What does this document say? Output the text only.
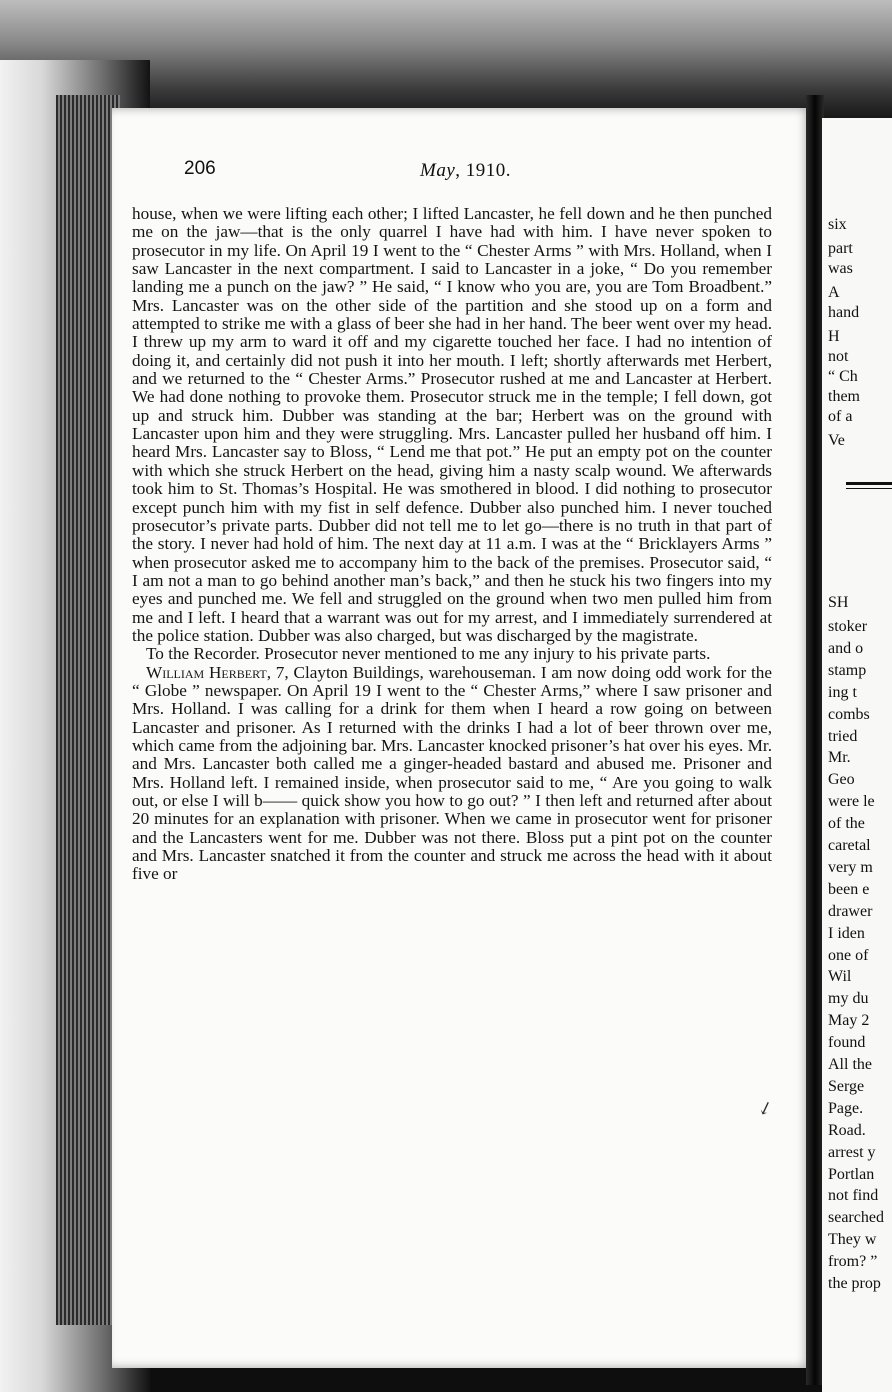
six
part
was
A
hand
H
not
“ Ch
them
of a
Ve
SH
stoker
and o
stamp
ing t
combs
tried
Mr.
Geo
were le
of the
caretal
very m
been e
drawer
I iden
one of
Wil
my du
May 2
found
All the
Serge
Page.
Road.
arrest y
Portlan
not find
searched
They w
from? ”
the prop
206	May, 1910.

house, when we were lifting each other; I lifted Lancaster, he fell down and he then punched me on the jaw—that is the only quarrel I have had with him. I have never spoken to prosecutor in my life. On April 19 I went to the “ Chester Arms ” with Mrs. Holland, when I saw Lancaster in the next compartment. I said to Lancaster in a joke, “ Do you remember landing me a punch on the jaw? ” He said, “ I know who you are, you are Tom Broadbent.” Mrs. Lancaster was on the other side of the partition and she stood up on a form and attempted to strike me with a glass of beer she had in her hand. The beer went over my head. I threw up my arm to ward it off and my cigarette touched her face. I had no intention of doing it, and certainly did not push it into her mouth. I left; shortly afterwards met Herbert, and we returned to the “ Chester Arms.” Prosecutor rushed at me and Lancaster at Herbert. We had done nothing to provoke them. Prosecutor struck me in the temple; I fell down, got up and struck him. Dubber was standing at the bar; Herbert was on the ground with Lancaster upon him and they were struggling. Mrs. Lancaster pulled her husband off him. I heard Mrs. Lancaster say to Bloss, “ Lend me that pot.” He put an empty pot on the counter with which she struck Herbert on the head, giving him a nasty scalp wound. We afterwards took him to St. Thomas’s Hospital. He was smothered in blood. I did nothing to prosecutor except punch him with my fist in self defence. Dubber also punched him. I never touched prosecutor’s private parts. Dubber did not tell me to let go—there is no truth in that part of the story. I never had hold of him. The next day at 11 a.m. I was at the “ Bricklayers Arms ” when prosecutor asked me to accompany him to the back of the premises. Prosecutor said, “ I am not a man to go behind another man’s back,” and then he stuck his two fingers into my eyes and punched me. We fell and struggled on the ground when two men pulled him from me and I left. I heard that a warrant was out for my arrest, and I immediately surrendered at the police station. Dubber was also charged, but was discharged by the magistrate.

To the Recorder. Prosecutor never mentioned to me any injury to his private parts.

William Herbert, 7, Clayton Buildings, warehouseman. I am now doing odd work for the “ Globe ” newspaper. On April 19 I went to the “ Chester Arms,” where I saw prisoner and Mrs. Holland. I was calling for a drink for them when I heard a row going on between Lancaster and prisoner. As I returned with the drinks I had a lot of beer thrown over me, which came from the adjoining bar. Mrs. Lancaster knocked prisoner’s hat over his eyes. Mr. and Mrs. Lancaster both called me a ginger-headed bastard and abused me. Prisoner and Mrs. Holland left. I remained inside, when prosecutor said to me, “ Are you going to walk out, or else I will b—— quick show you how to go out? ” I then left and returned after about 20 minutes for an explanation with prisoner. When we came in prosecutor went for prisoner and the Lancasters went for me. Dubber was not there. Bloss put a pint pot on the counter and Mrs. Lancaster snatched it from the counter and struck me across the head with it about five or

↙
